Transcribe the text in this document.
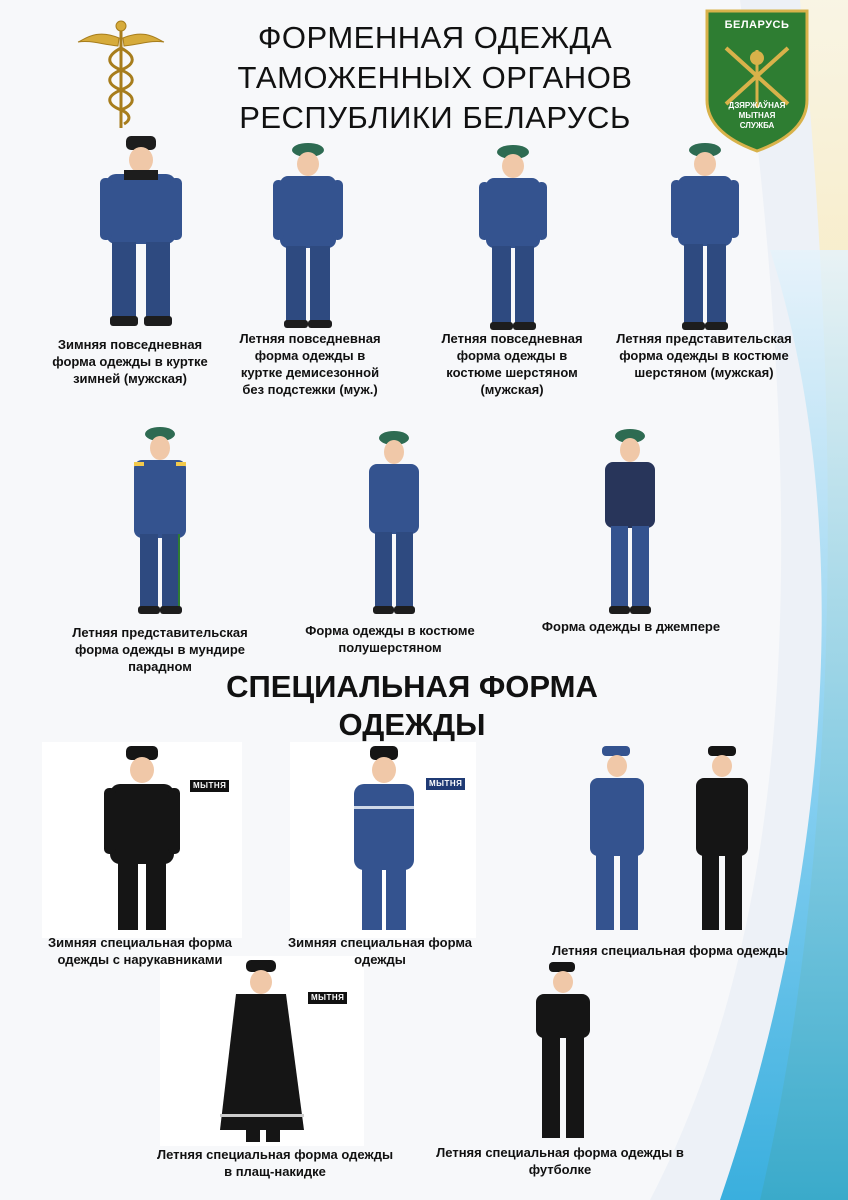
ФОРМЕННАЯ ОДЕЖДА
ТАМОЖЕННЫХ ОРГАНОВ
РЕСПУБЛИКИ БЕЛАРУСЬ
БЕЛАРУСЬ
ДЗЯРЖАЎНАЯ
МЫТНАЯ
СЛУЖБА
Зимняя повседневная
форма одежды в куртке
зимней (мужская)
Летняя повседневная
форма одежды в
куртке демисезонной
без подстежки (муж.)
Летняя повседневная
форма одежды в
костюме шерстяном
(мужская)
Летняя представительская
форма одежды в костюме
шерстяном (мужская)
Летняя представительская
форма одежды в мундире
парадном
Форма одежды в костюме
полушерстяном
Форма одежды в джемпере
СПЕЦИАЛЬНАЯ ФОРМА
ОДЕЖДЫ
МЫТНЯ	МЫТНЯ
МЫТНЯ
Зимняя специальная форма
одежды с нарукавниками
Зимняя специальная форма
одежды
Летняя специальная форма одежды
Летняя специальная форма одежды
в плащ-накидке
Летняя специальная форма одежды в
футболке
